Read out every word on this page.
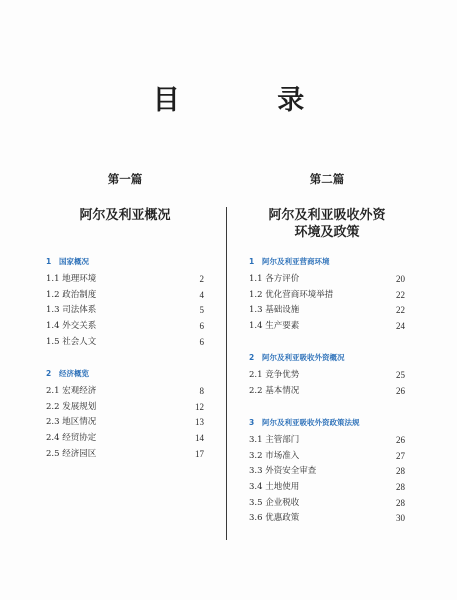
目 录
第一篇
阿尔及利亚概况
1 国家概况
1.1 地理环境	2
1.2 政治制度	4
1.3 司法体系	5
1.4 外交关系	6
1.5 社会人文	6
2 经济概览
2.1 宏观经济	8
2.2 发展规划	12
2.3 地区情况	13
2.4 经贸协定	14
2.5 经济园区	17
第二篇
阿尔及利亚吸收外资
环境及政策
1 阿尔及利亚营商环境
1.1 各方评价	20
1.2 优化营商环境举措	22
1.3 基础设施	22
1.4 生产要素	24
2 阿尔及利亚吸收外资概况
2.1 竞争优势	25
2.2 基本情况	26
3 阿尔及利亚吸收外资政策法规
3.1 主管部门	26
3.2 市场准入	27
3.3 外资安全审查	28
3.4 土地使用	28
3.5 企业税收	28
3.6 优惠政策	30
